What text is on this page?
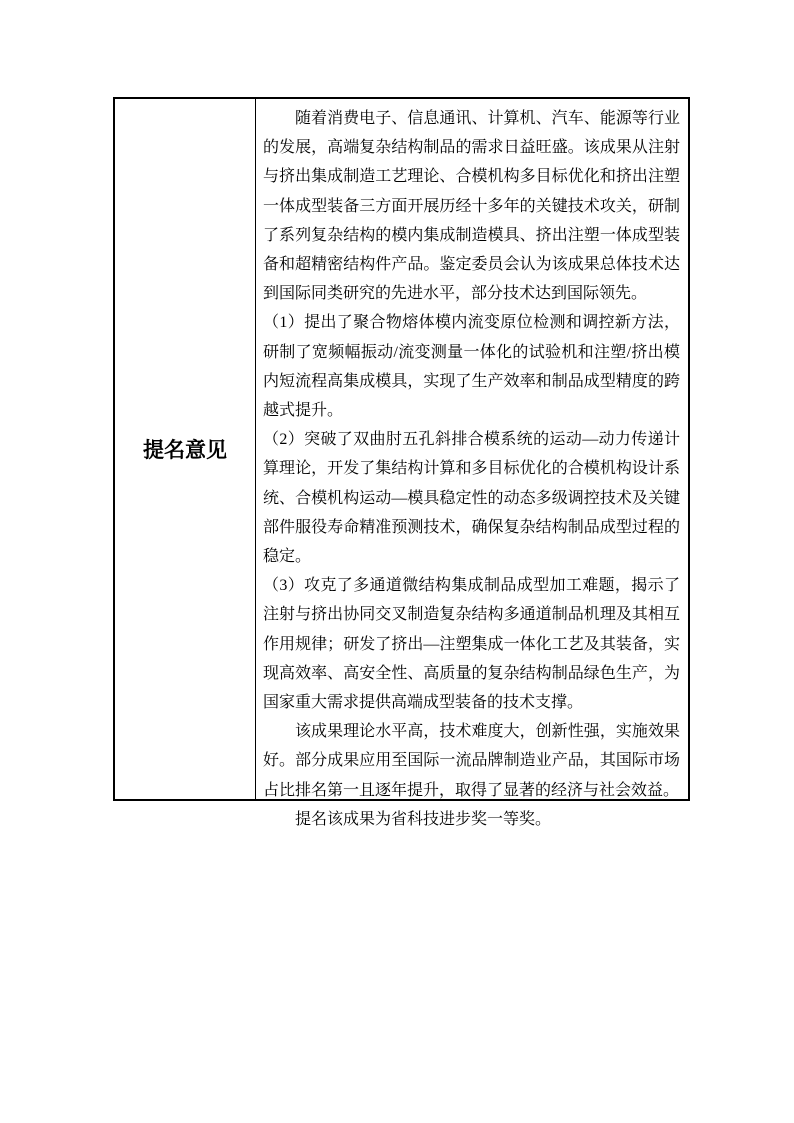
提名意见

随着消费电子、信息通讯、计算机、汽车、能源等行业的发展，高端复杂结构制品的需求日益旺盛。该成果从注射与挤出集成制造工艺理论、合模机构多目标优化和挤出注塑一体成型装备三方面开展历经十多年的关键技术攻关，研制了系列复杂结构的模内集成制造模具、挤出注塑一体成型装备和超精密结构件产品。鉴定委员会认为该成果总体技术达到国际同类研究的先进水平，部分技术达到国际领先。

（1）提出了聚合物熔体模内流变原位检测和调控新方法，研制了宽频幅振动/流变测量一体化的试验机和注塑/挤出模内短流程高集成模具，实现了生产效率和制品成型精度的跨越式提升。

（2）突破了双曲肘五孔斜排合模系统的运动—动力传递计算理论，开发了集结构计算和多目标优化的合模机构设计系统、合模机构运动—模具稳定性的动态多级调控技术及关键部件服役寿命精准预测技术，确保复杂结构制品成型过程的稳定。

（3）攻克了多通道微结构集成制品成型加工难题，揭示了注射与挤出协同交叉制造复杂结构多通道制品机理及其相互作用规律；研发了挤出—注塑集成一体化工艺及其装备，实现高效率、高安全性、高质量的复杂结构制品绿色生产，为国家重大需求提供高端成型装备的技术支撑。

该成果理论水平高，技术难度大，创新性强，实施效果好。部分成果应用至国际一流品牌制造业产品，其国际市场占比排名第一且逐年提升，取得了显著的经济与社会效益。

提名该成果为省科技进步奖一等奖。
